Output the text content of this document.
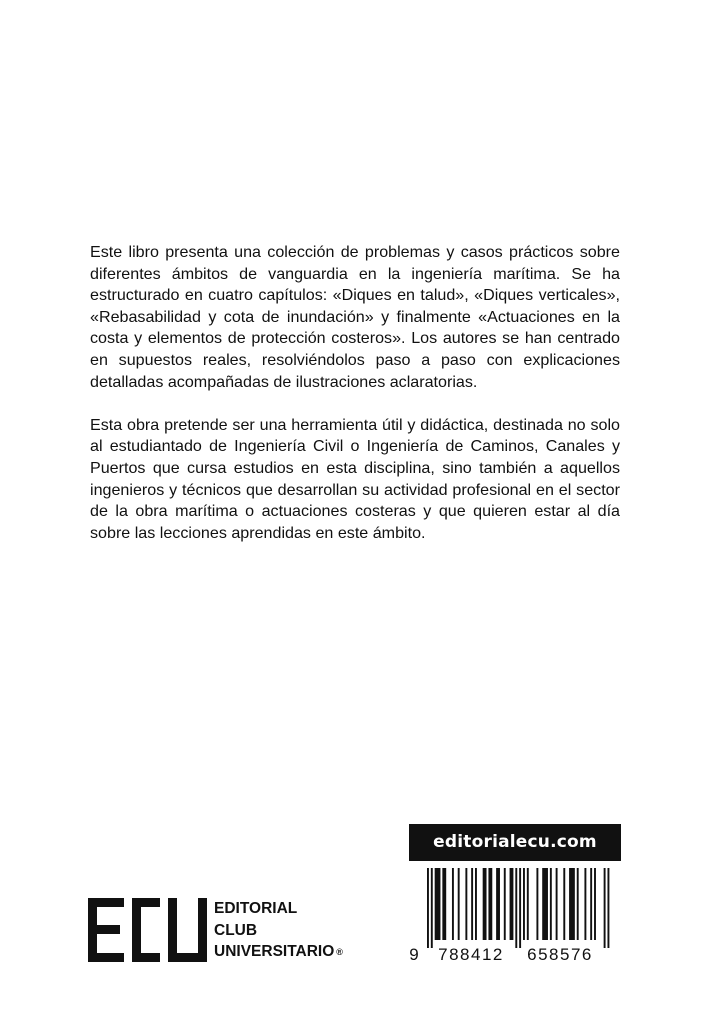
Este libro presenta una colección de problemas y casos prácticos sobre diferentes ámbitos de vanguardia en la ingeniería marítima. Se ha estructurado en cuatro capítulos: «Diques en talud», «Diques verticales», «Rebasabilidad y cota de inundación» y finalmente «Actuaciones en la costa y elementos de protección costeros». Los autores se han centrado en supuestos reales, resolviéndolos paso a paso con explicaciones detalladas acompañadas de ilustraciones aclaratorias.

Esta obra pretende ser una herramienta útil y didáctica, destinada no solo al estudiantado de Ingeniería Civil o Ingeniería de Caminos, Canales y Puertos que cursa estudios en esta disciplina, sino también a aquellos ingenieros y técnicos que desarrollan su actividad profesional en el sector de la obra marítima o actuaciones costeras y que quieren estar al día sobre las lecciones aprendidas en este ámbito.

editorialecu.com
9 788412 658576
EDITORIAL
CLUB
UNIVERSITARIO ®
